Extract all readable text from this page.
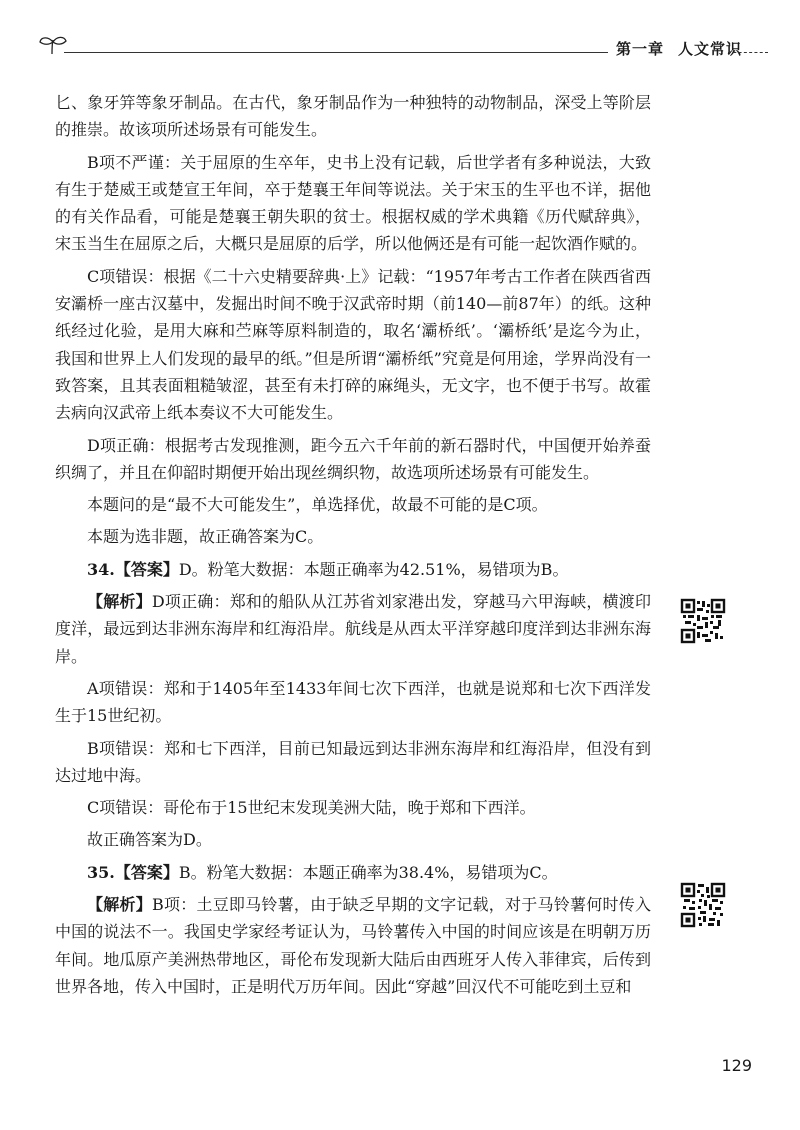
第一章 人文常识

匕、象牙笄等象牙制品。在古代，象牙制品作为一种独特的动物制品，深受上等阶层的推崇。故该项所述场景有可能发生。

B项不严谨：关于屈原的生卒年，史书上没有记载，后世学者有多种说法，大致有生于楚威王或楚宣王年间，卒于楚襄王年间等说法。关于宋玉的生平也不详，据他的有关作品看，可能是楚襄王朝失职的贫士。根据权威的学术典籍《历代赋辞典》，宋玉当生在屈原之后，大概只是屈原的后学，所以他俩还是有可能一起饮酒作赋的。

C项错误：根据《二十六史精要辞典·上》记载：“1957年考古工作者在陕西省西安灞桥一座古汉墓中，发掘出时间不晚于汉武帝时期（前140—前87年）的纸。这种纸经过化验，是用大麻和苎麻等原料制造的，取名‘灞桥纸’。‘灞桥纸’是迄今为止，我国和世界上人们发现的最早的纸。”但是所谓“灞桥纸”究竟是何用途，学界尚没有一致答案，且其表面粗糙皱涩，甚至有未打碎的麻绳头，无文字，也不便于书写。故霍去病向汉武帝上纸本奏议不大可能发生。

D项正确：根据考古发现推测，距今五六千年前的新石器时代，中国便开始养蚕织绸了，并且在仰韶时期便开始出现丝绸织物，故选项所述场景有可能发生。

本题问的是“最不大可能发生”，单选择优，故最不可能的是C项。

本题为选非题，故正确答案为C。

34.【答案】D。粉笔大数据：本题正确率为42.51%，易错项为B。

【解析】D项正确：郑和的船队从江苏省刘家港出发，穿越马六甲海峡，横渡印度洋，最远到达非洲东海岸和红海沿岸。航线是从西太平洋穿越印度洋到达非洲东海岸。

A项错误：郑和于1405年至1433年间七次下西洋，也就是说郑和七次下西洋发生于15世纪初。

B项错误：郑和七下西洋，目前已知最远到达非洲东海岸和红海沿岸，但没有到达过地中海。

C项错误：哥伦布于15世纪末发现美洲大陆，晚于郑和下西洋。

故正确答案为D。

35.【答案】B。粉笔大数据：本题正确率为38.4%，易错项为C。

【解析】B项：土豆即马铃薯，由于缺乏早期的文字记载，对于马铃薯何时传入中国的说法不一。我国史学家经考证认为，马铃薯传入中国的时间应该是在明朝万历年间。地瓜原产美洲热带地区，哥伦布发现新大陆后由西班牙人传入菲律宾，后传到世界各地，传入中国时，正是明代万历年间。因此“穿越”回汉代不可能吃到土豆和

129
